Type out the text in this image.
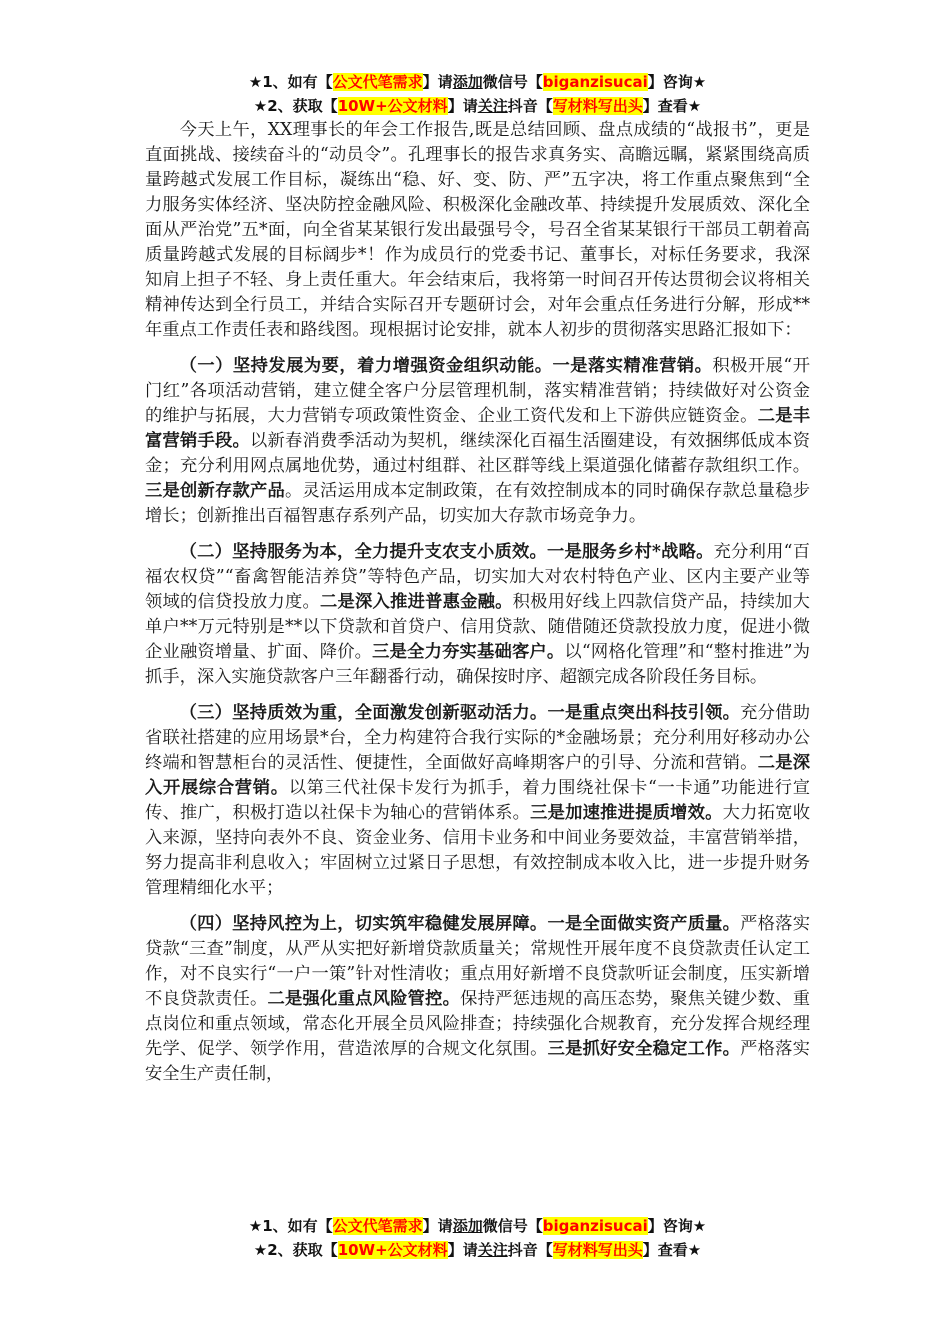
★1、如有【公文代笔需求】请添加微信号【biganzisucai】咨询★
★2、获取【10W+公文材料】请关注抖音【写材料写出头】查看★

今天上午，XX理事长的年会工作报告,既是总结回顾、盘点成绩的“战报书”，更是直面挑战、接续奋斗的“动员令”。孔理事长的报告求真务实、高瞻远瞩，紧紧围绕高质量跨越式发展工作目标，凝练出“稳、好、变、防、严”五字决，将工作重点聚焦到“全力服务实体经济、坚决防控金融风险、积极深化金融改革、持续提升发展质效、深化全面从严治党”五*面，向全省某某银行发出最强号令，号召全省某某银行干部员工朝着高质量跨越式发展的目标阔步*！作为成员行的党委书记、董事长，对标任务要求，我深知肩上担子不轻、身上责任重大。年会结束后，我将第一时间召开传达贯彻会议将相关精神传达到全行员工，并结合实际召开专题研讨会，对年会重点任务进行分解，形成**年重点工作责任表和路线图。现根据讨论安排，就本人初步的贯彻落实思路汇报如下：

（一）坚持发展为要，着力增强资金组织动能。一是落实精准营销。积极开展“开门红”各项活动营销，建立健全客户分层管理机制，落实精准营销；持续做好对公资金的维护与拓展，大力营销专项政策性资金、企业工资代发和上下游供应链资金。二是丰富营销手段。以新春消费季活动为契机，继续深化百福生活圈建设，有效捆绑低成本资金；充分利用网点属地优势，通过村组群、社区群等线上渠道强化储蓄存款组织工作。三是创新存款产品。灵活运用成本定制政策，在有效控制成本的同时确保存款总量稳步增长；创新推出百福智惠存系列产品，切实加大存款市场竞争力。

（二）坚持服务为本，全力提升支农支小质效。一是服务乡村*战略。充分利用“百福农权贷”“畜禽智能洁养贷”等特色产品，切实加大对农村特色产业、区内主要产业等领域的信贷投放力度。二是深入推进普惠金融。积极用好线上四款信贷产品，持续加大单户**万元特别是**以下贷款和首贷户、信用贷款、随借随还贷款投放力度，促进小微企业融资增量、扩面、降价。三是全力夯实基础客户。以“网格化管理”和“整村推进”为抓手，深入实施贷款客户三年翻番行动，确保按时序、超额完成各阶段任务目标。

（三）坚持质效为重，全面激发创新驱动活力。一是重点突出科技引领。充分借助省联社搭建的应用场景*台，全力构建符合我行实际的*金融场景；充分利用好移动办公终端和智慧柜台的灵活性、便捷性，全面做好高峰期客户的引导、分流和营销。二是深入开展综合营销。以第三代社保卡发行为抓手，着力围绕社保卡“一卡通”功能进行宣传、推广，积极打造以社保卡为轴心的营销体系。三是加速推进提质增效。大力拓宽收入来源，坚持向表外不良、资金业务、信用卡业务和中间业务要效益，丰富营销举措，努力提高非利息收入；牢固树立过紧日子思想，有效控制成本收入比，进一步提升财务管理精细化水平；

（四）坚持风控为上，切实筑牢稳健发展屏障。一是全面做实资产质量。严格落实贷款“三查”制度，从严从实把好新增贷款质量关；常规性开展年度不良贷款责任认定工作，对不良实行“一户一策”针对性清收；重点用好新增不良贷款听证会制度，压实新增不良贷款责任。二是强化重点风险管控。保持严惩违规的高压态势，聚焦关键少数、重点岗位和重点领域，常态化开展全员风险排查；持续强化合规教育，充分发挥合规经理先学、促学、领学作用，营造浓厚的合规文化氛围。三是抓好安全稳定工作。严格落实安全生产责任制，

★1、如有【公文代笔需求】请添加微信号【biganzisucai】咨询★
★2、获取【10W+公文材料】请关注抖音【写材料写出头】查看★
